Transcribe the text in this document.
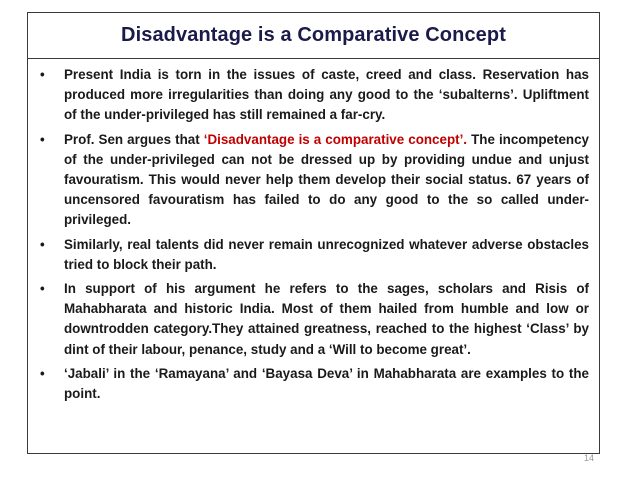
Disadvantage is a Comparative Concept
• Present India is torn in the issues of caste, creed and class. Reservation has produced more irregularities than doing any good to the ‘subalterns’. Upliftment of the under-privileged has still remained a far-cry.
• Prof. Sen argues that ‘Disadvantage is a comparative concept’. The incompetency of the under-privileged can not be dressed up by providing undue and unjust favouratism. This would never help them develop their social status. 67 years of uncensored favouratism has failed to do any good to the so called under-privileged.
• Similarly, real talents did never remain unrecognized whatever adverse obstacles tried to block their path.
• In support of his argument he refers to the sages, scholars and Risis of Mahabharata and historic India. Most of them hailed from humble and low or downtrodden category.They attained greatness, reached to the highest ‘Class’ by dint of their labour, penance, study and a ‘Will to become great’.
• ‘Jabali’ in the ‘Ramayana’ and ‘Bayasa Deva’ in Mahabharata are examples to the point.
14
